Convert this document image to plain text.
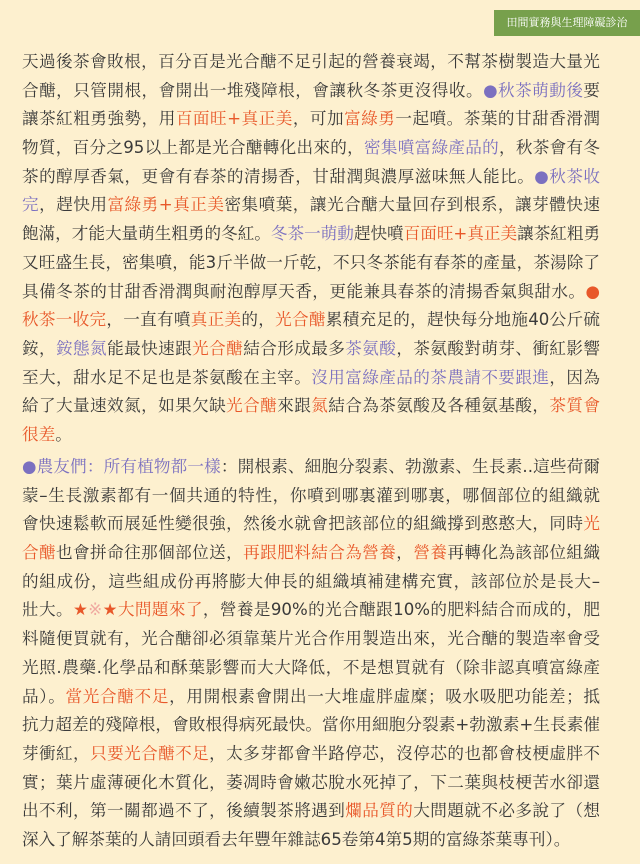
田間實務與生理障礙診治
天過後茶會敗根，百分百是光合醣不足引起的營養衰竭，不幫茶樹製造大量光
合醣，只管開根，會開出一堆殘障根，會讓秋冬茶更沒得收。●秋茶萌動後要
讓茶紅粗勇強勢，用百面旺+真正美，可加富綠勇一起噴。茶葉的甘甜香滑潤
物質，百分之95以上都是光合醣轉化出來的，密集噴富綠產品的，秋茶會有冬
茶的醇厚香氣，更會有春茶的清揚香，甘甜潤與濃厚滋味無人能比。●秋茶收
完，趕快用富綠勇+真正美密集噴葉，讓光合醣大量回存到根系，讓芽體快速
飽滿，才能大量萌生粗勇的冬紅。冬茶一萌動趕快噴百面旺+真正美讓茶紅粗勇
又旺盛生長，密集噴，能3斤半做一斤乾，不只冬茶能有春茶的產量，茶湯除了
具備冬茶的甘甜香滑潤與耐泡醇厚天香，更能兼具春茶的清揚香氣與甜水。●
秋茶一收完，一直有噴真正美的，光合醣累積充足的，趕快每分地施40公斤硫
銨，銨態氮能最快速跟光合醣結合形成最多茶氨酸，茶氨酸對萌芽、衝紅影響
至大，甜水足不足也是茶氨酸在主宰。沒用富綠產品的茶農請不要跟進，因為
給了大量速效氮，如果欠缺光合醣來跟氮結合為茶氨酸及各種氨基酸，茶質會
很差。
●農友們：所有植物都一樣：開根素、細胞分裂素、勃激素、生長素..這些荷爾
蒙–生長激素都有一個共通的特性，你噴到哪裏灌到哪裏，哪個部位的組織就
會快速鬆軟而展延性變很強，然後水就會把該部位的組織撐到憨憨大，同時光
合醣也會拼命往那個部位送，再跟肥料結合為營養，營養再轉化為該部位組織
的組成份，這些組成份再將膨大伸長的組織填補建構充實，該部位於是長大–
壯大。★※★大問題來了，營養是90%的光合醣跟10%的肥料結合而成的，肥
料隨便買就有，光合醣卻必須靠葉片光合作用製造出來，光合醣的製造率會受
光照.農藥.化學品和酥葉影響而大大降低，不是想買就有（除非認真噴富綠產
品）。當光合醣不足，用開根素會開出一大堆虛胖虛糜；吸水吸肥功能差；抵
抗力超差的殘障根，會敗根得病死最快。當你用細胞分裂素+勃激素+生長素催
芽衝紅，只要光合醣不足，太多芽都會半路停芯，沒停芯的也都會枝梗虛胖不
實；葉片虛薄硬化木質化，萎凋時會嫩芯脫水死掉了，下二葉與枝梗苦水卻還
出不利，第一關都過不了，後續製茶將遇到爛品質的大問題就不必多說了（想
深入了解茶葉的人請回頭看去年豐年雜誌65卷第4第5期的富綠茶葉專刊）。
